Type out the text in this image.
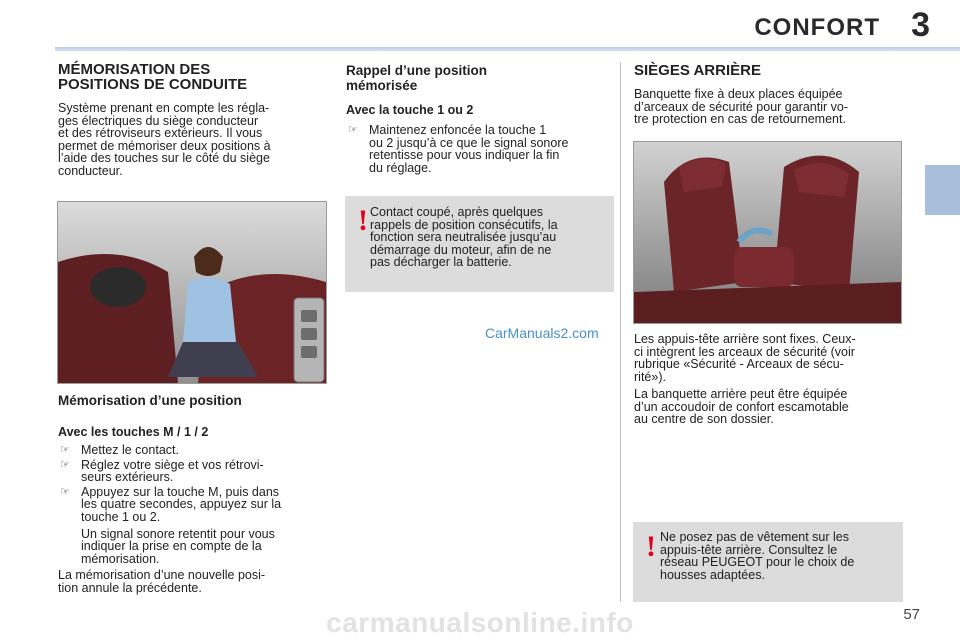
CONFORT 3
MÉMORISATION DES
POSITIONS DE CONDUITE

Système prenant en compte les régla-

ges électriques du siège conducteur

et des rétroviseurs extérieurs. Il vous

permet de mémoriser deux positions à

l’aide des touches sur le côté du siège

conducteur.

Mémorisation d’une position
Avec les touches M / 1 / 2
☞ Mettez le contact.
☞ Réglez votre siège et vos rétrovi-
seurs extérieurs.
☞ Appuyez sur la touche M, puis dans
les quatre secondes, appuyez sur la
touche 1 ou 2.
Un signal sonore retentit pour vous
indiquer la prise en compte de la
mémorisation.

La mémorisation d’une nouvelle posi-

tion annule la précédente.

Rappel d’une position
mémorisée
Avec la touche 1 ou 2
☞ Maintenez enfoncée la touche 1
ou 2 jusqu’à ce que le signal sonore
retentisse pour vous indiquer la fin
du réglage.
! Contact coupé, après quelques

rappels de position consécutifs, la

fonction sera neutralisée jusqu’au

démarrage du moteur, afin de ne

pas décharger la batterie.

CarManuals2.com
SIÈGES ARRIÈRE

Banquette fixe à deux places équipée

d’arceaux de sécurité pour garantir vo-

tre protection en cas de retournement.

Les appuis-tête arrière sont fixes. Ceux-

ci intègrent les arceaux de sécurité (voir

rubrique «Sécurité - Arceaux de sécu-

rité»).

La banquette arrière peut être équipée

d’un accoudoir de confort escamotable

au centre de son dossier.

! Ne posez pas de vêtement sur les

appuis-tête arrière. Consultez le

réseau PEUGEOT pour le choix de

housses adaptées.

carmanualsonline.info	57
